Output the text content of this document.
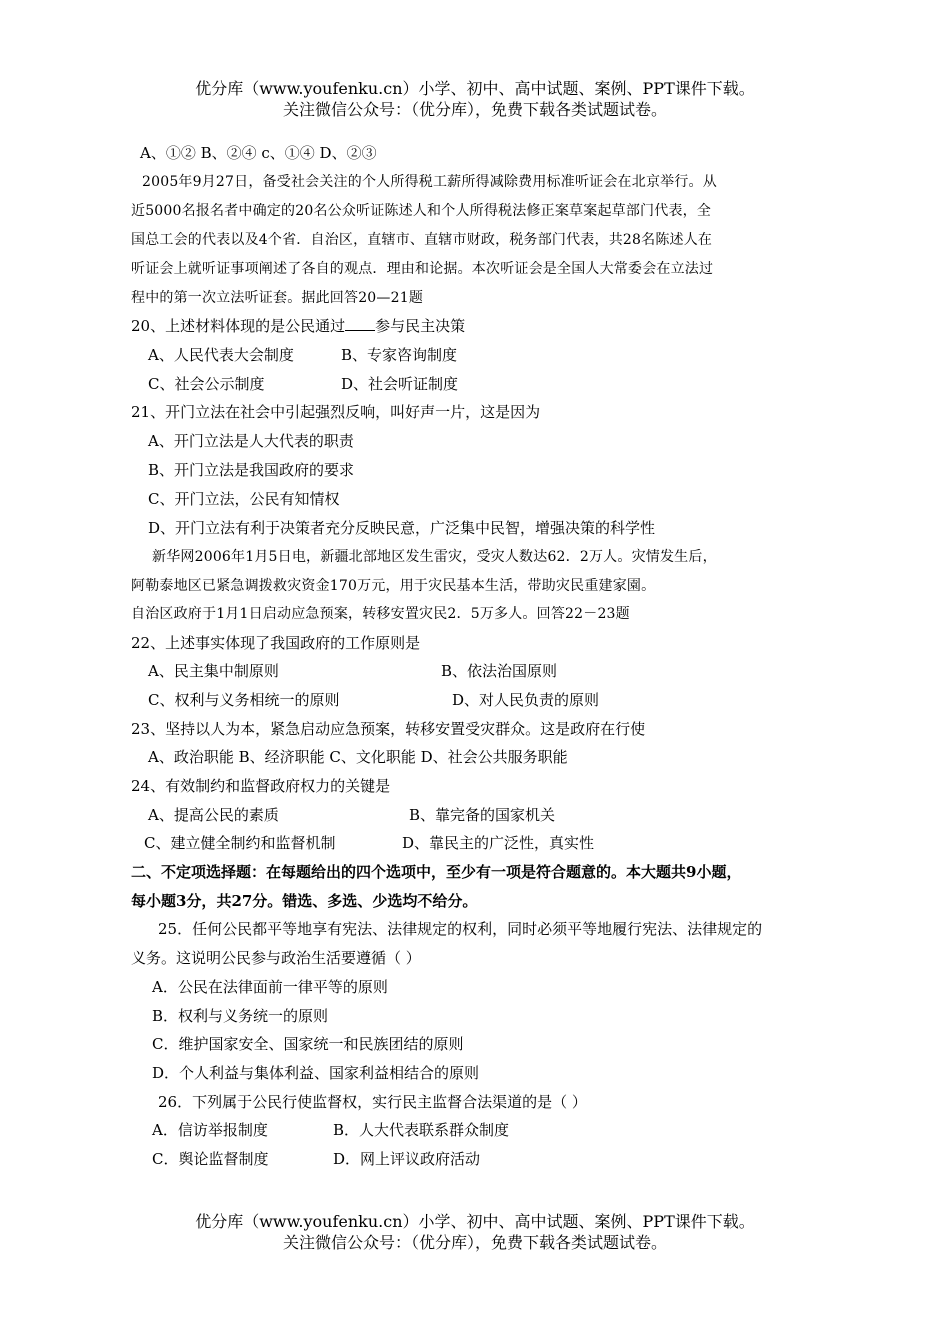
优分库（www.youfenku.cn）小学、初中、高中试题、案例、PPT课件下载。
关注微信公众号：（优分库），免费下载各类试题试卷。
A、①② B、②④ c、①④ D、②③
2005年9月27日，备受社会关注的个人所得税工薪所得减除费用标准听证会在北京举行。从
近5000名报名者中确定的20名公众听证陈述人和个人所得税法修正案草案起草部门代表，全
国总工会的代表以及4个省．自治区，直辖市、直辖市财政，税务部门代表，共28名陈述人在
听证会上就听证事项阐述了各自的观点．理由和论据。本次听证会是全国人大常委会在立法过
程中的第一次立法听证套。据此回答20—21题
20、上述材料体现的是公民通过 参与民主决策
A、人民代表大会制度	B、专家咨询制度
C、社会公示制度	D、社会听证制度
21、开门立法在社会中引起强烈反响，叫好声一片，这是因为
A、开门立法是人大代表的职责
B、开门立法是我国政府的要求
C、开门立法，公民有知情权
D、开门立法有利于决策者充分反映民意，广泛集中民智，增强决策的科学性
新华网2006年1月5日电，新疆北部地区发生雷灾，受灾人数达62．2万人。灾情发生后，
阿勒泰地区已紧急调拨救灾资金170万元，用于灾民基本生活，带助灾民重建家園。
自治区政府于1月1日启动应急预案，转移安置灾民2．5万多人。回答22－23题
22、上述事实体现了我国政府的工作原则是
A、民主集中制原则	B、依法治国原则
C、权利与义务相统一的原则	D、对人民负责的原则
23、坚持以人为本，紧急启动应急预案，转移安置受灾群众。这是政府在行使
A、政治职能 B、经济职能 C、文化职能 D、社会公共服务职能
24、有效制约和监督政府权力的关键是
A、提高公民的素质	B、靠完备的国家机关
C、建立健全制约和监督机制	D、靠民主的广泛性，真实性
二、不定项选择题：在每题给出的四个选项中，至少有一项是符合题意的。本大题共9小题，
每小题3分，共27分。错选、多选、少选均不给分。
25．任何公民都平等地享有宪法、法律规定的权利，同时必须平等地履行宪法、法律规定的
义务。这说明公民参与政治生活要遵循（ ）
A．公民在法律面前一律平等的原则
B．权利与义务统一的原则
C．维护国家安全、国家统一和民族团结的原则
D．个人利益与集体利益、国家利益相结合的原则
26．下列属于公民行使监督权，实行民主监督合法渠道的是（ ）
A．信访举报制度	B．人大代表联系群众制度
C．舆论监督制度	D．网上评议政府活动
优分库（www.youfenku.cn）小学、初中、高中试题、案例、PPT课件下载。
关注微信公众号：（优分库），免费下载各类试题试卷。
